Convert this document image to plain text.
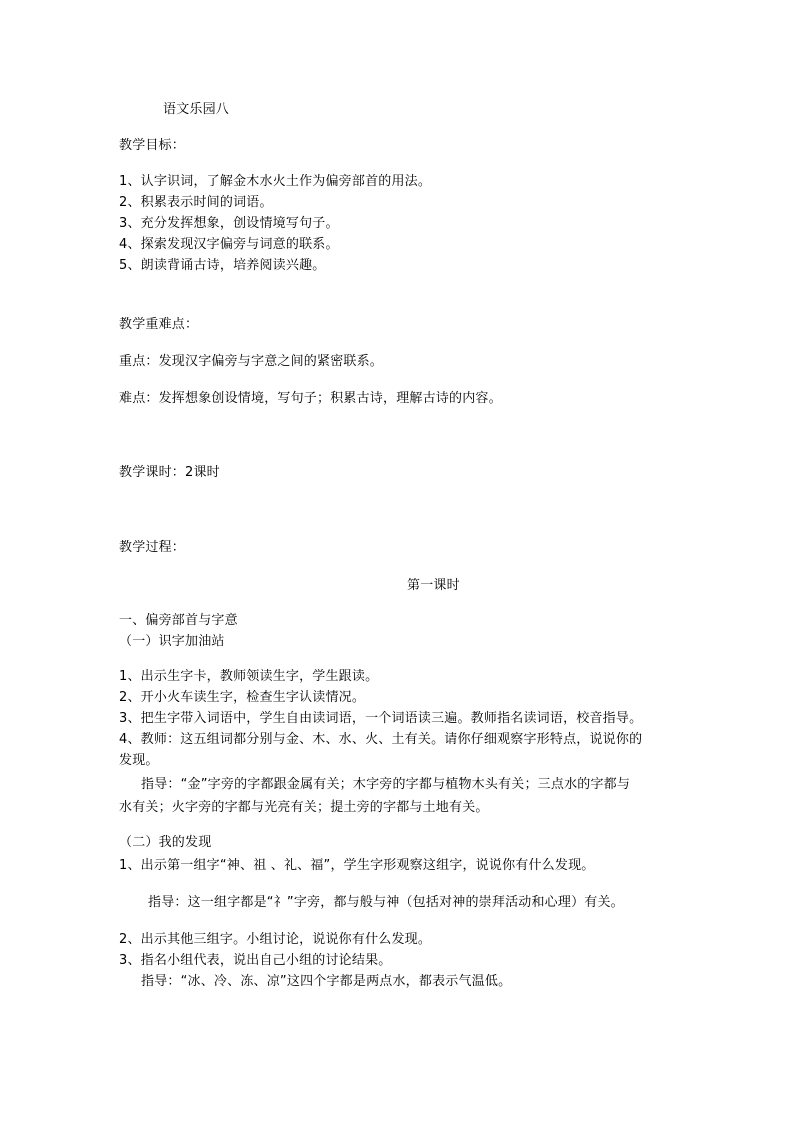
语文乐园八
教学目标：
1、认字识词，了解金木水火土作为偏旁部首的用法。
2、积累表示时间的词语。
3、充分发挥想象，创设情境写句子。
4、探索发现汉字偏旁与词意的联系。
5、朗读背诵古诗，培养阅读兴趣。
教学重难点：
重点：发现汉字偏旁与字意之间的紧密联系。
难点：发挥想象创设情境，写句子；积累古诗，理解古诗的内容。
教学课时：2课时
教学过程：
第一课时
一、偏旁部首与字意
（一）识字加油站
1、出示生字卡，教师领读生字，学生跟读。
2、开小火车读生字，检查生字认读情况。
3、把生字带入词语中，学生自由读词语，一个词语读三遍。教师指名读词语，校音指导。
4、教师：这五组词都分别与金、木、水、火、土有关。请你仔细观察字形特点，说说你的
发现。
指导：“金”字旁的字都跟金属有关；木字旁的字都与植物木头有关；三点水的字都与
水有关；火字旁的字都与光亮有关；提土旁的字都与土地有关。
（二）我的发现
1、出示第一组字“神、祖 、礼、福”，学生字形观察这组字，说说你有什么发现。
指导：这一组字都是“礻”字旁，都与般与神（包括对神的崇拜活动和心理）有关。
2、出示其他三组字。小组讨论，说说你有什么发现。
3、指名小组代表，说出自己小组的讨论结果。
指导：“冰、冷、冻、凉”这四个字都是两点水，都表示气温低。
